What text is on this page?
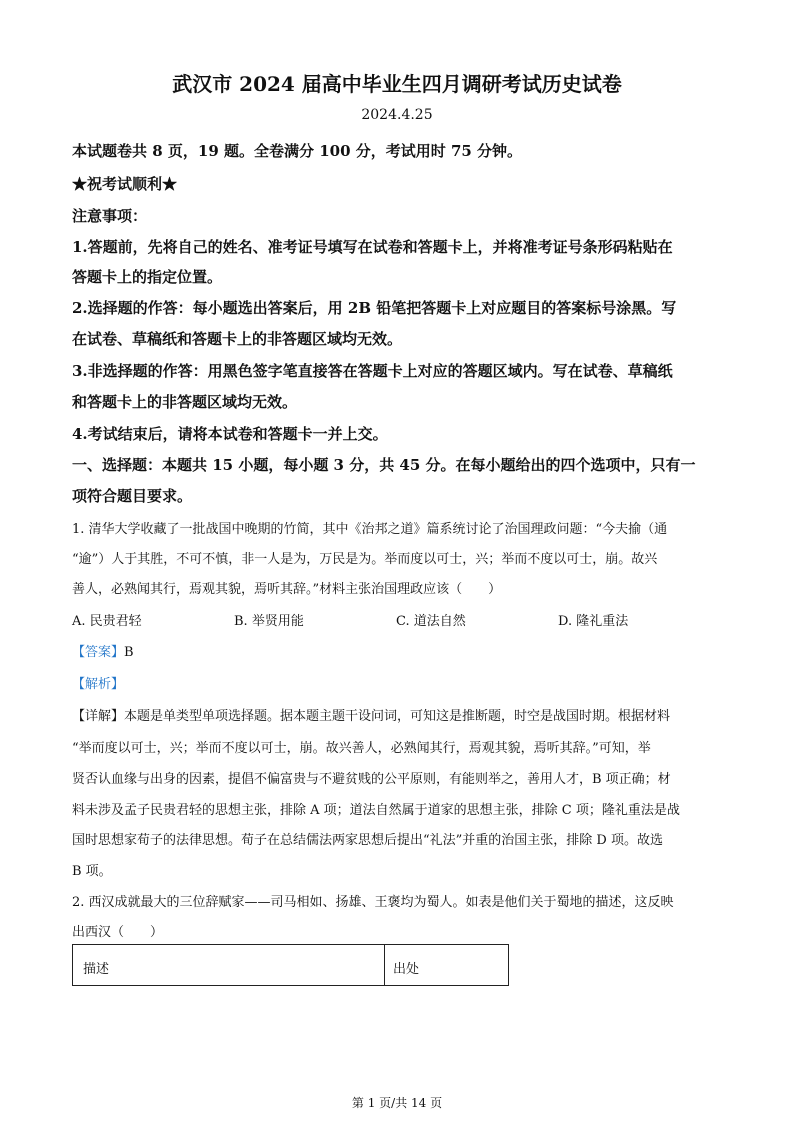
武汉市 2024 届高中毕业生四月调研考试历史试卷
2024.4.25
本试题卷共 8 页，19 题。全卷满分 100 分，考试用时 75 分钟。
★祝考试顺利★
注意事项：
1.答题前，先将自己的姓名、准考证号填写在试卷和答题卡上，并将准考证号条形码粘贴在
答题卡上的指定位置。
2.选择题的作答：每小题选出答案后，用 2B 铅笔把答题卡上对应题目的答案标号涂黑。写
在试卷、草稿纸和答题卡上的非答题区域均无效。
3.非选择题的作答：用黑色签字笔直接答在答题卡上对应的答题区域内。写在试卷、草稿纸
和答题卡上的非答题区域均无效。
4.考试结束后，请将本试卷和答题卡一并上交。
一、选择题：本题共 15 小题，每小题 3 分，共 45 分。在每小题给出的四个选项中，只有一
项符合题目要求。
1. 清华大学收藏了一批战国中晚期的竹简，其中《治邦之道》篇系统讨论了治国理政问题：“今夫揄（通
“逾”）人于其胜，不可不慎，非一人是为，万民是为。举而度以可士，兴；举而不度以可士，崩。故兴
善人，必熟闻其行，焉观其貌，焉听其辞。”材料主张治国理政应该（　　）
A. 民贵君轻	B. 举贤用能	C. 道法自然	D. 隆礼重法
【答案】B
【解析】
【详解】本题是单类型单项选择题。据本题主题干设问词，可知这是推断题，时空是战国时期。根据材料
“举而度以可士，兴；举而不度以可士，崩。故兴善人，必熟闻其行，焉观其貌，焉听其辞。”可知，举
贤否认血缘与出身的因素，提倡不偏富贵与不避贫贱的公平原则，有能则举之，善用人才，B 项正确；材
料未涉及孟子民贵君轻的思想主张，排除 A 项；道法自然属于道家的思想主张，排除 C 项；隆礼重法是战
国时思想家荀子的法律思想。荀子在总结儒法两家思想后提出“礼法”并重的治国主张，排除 D 项。故选
B 项。
2. 西汉成就最大的三位辞赋家——司马相如、扬雄、王褒均为蜀人。如表是他们关于蜀地的描述，这反映
出西汉（　　）
描述	出处
第 1 页/共 14 页
